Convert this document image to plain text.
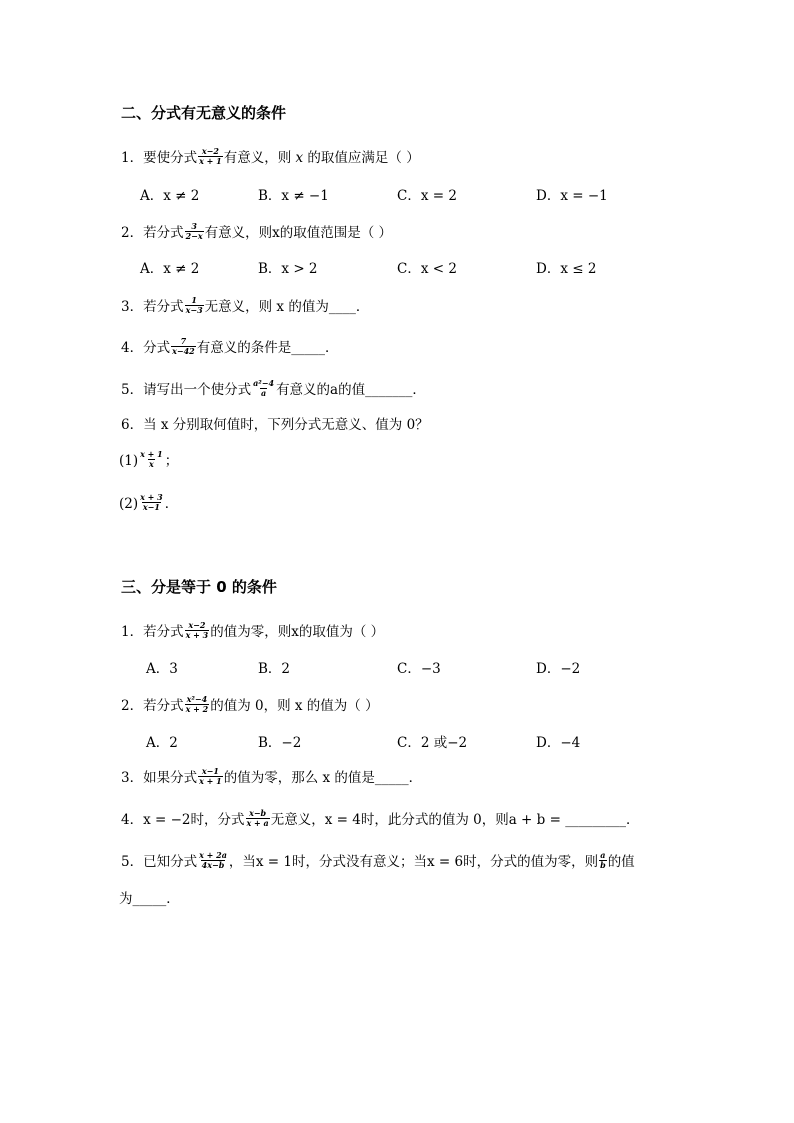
二、分式有无意义的条件
1．要使分式 $\frac{x-2}{x + 1}$ 有意义，则 x 的取值应满足（ ）
A．x ≠ 2	B．x ≠ −1	C．x = 2	D．x = −1
2．若分式 $\frac{3}{2-x}$ 有意义，则x的取值范围是（ ）
A．x ≠ 2	B．x > 2	C．x < 2	D．x ≤ 2
3．若分式 $\frac{1}{x-3}$ 无意义，则 x 的值为____．
4．分式 $\frac{7}{x-42}$ 有意义的条件是_____．
5．请写出一个使分式 $\frac{\text{a²−4}}{a}$ 有意义的a的值_______．
6．当 x 分别取何值时，下列分式无意义、值为 0？
$(1) \frac{x + 1}{x}$ ；
$(2) \frac{x + 3}{x-1}$ ．
三、分是等于 0 的条件
1．若分式 $\frac{x-2}{x + 3}$ 的值为零，则x的取值为（ ）
A．3	B．2	C．−3	D．−2
2．若分式 $\frac{\text{x²−4}}{x + 2}$ 的值为 0，则 x 的值为（ ）
A．2	B．−2	C．2 或−2	D．−4
3．如果分式 $\frac{x-1}{x + 1}$ 的值为零，那么 x 的值是_____．
4．x = −2时，分式 $\frac{x-b}{x + a}$ 无意义，x = 4时，此分式的值为 0，则a + b = _________．
5．已知分式 $\frac{x + 2a}{4x-b}$ ，当x = 1时，分式没有意义；当x = 6时，分式的值为零，则 $\frac{a}{b}$ 的值
为_____．
